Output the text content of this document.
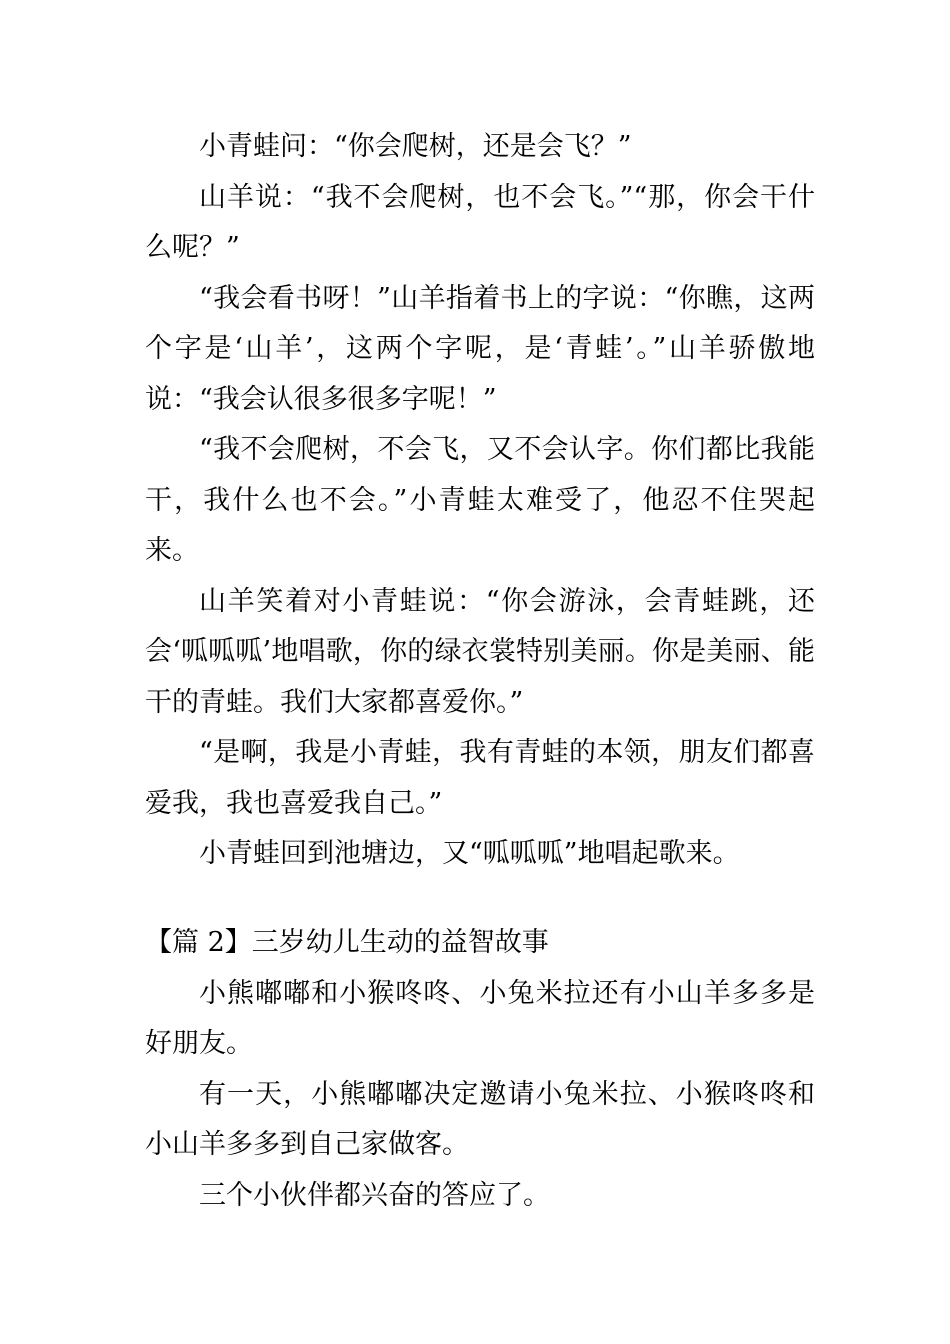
小青蛙问：“你会爬树，还是会飞？”

山羊说：“我不会爬树，也不会飞。”“那，你会干什么呢？”

“我会看书呀！”山羊指着书上的字说：“你瞧，这两个字是‘山羊’，这两个字呢，是‘青蛙’。”山羊骄傲地说：“我会认很多很多字呢！”

“我不会爬树，不会飞，又不会认字。你们都比我能干，我什么也不会。”小青蛙太难受了，他忍不住哭起来。

山羊笑着对小青蛙说：“你会游泳，会青蛙跳，还会‘呱呱呱’地唱歌，你的绿衣裳特别美丽。你是美丽、能干的青蛙。我们大家都喜爱你。”

“是啊，我是小青蛙，我有青蛙的本领，朋友们都喜爱我，我也喜爱我自己。”

小青蛙回到池塘边，又“呱呱呱”地唱起歌来。

【篇 2】三岁幼儿生动的益智故事

小熊嘟嘟和小猴咚咚、小兔米拉还有小山羊多多是好朋友。

有一天，小熊嘟嘟决定邀请小兔米拉、小猴咚咚和小山羊多多到自己家做客。

三个小伙伴都兴奋的答应了。
